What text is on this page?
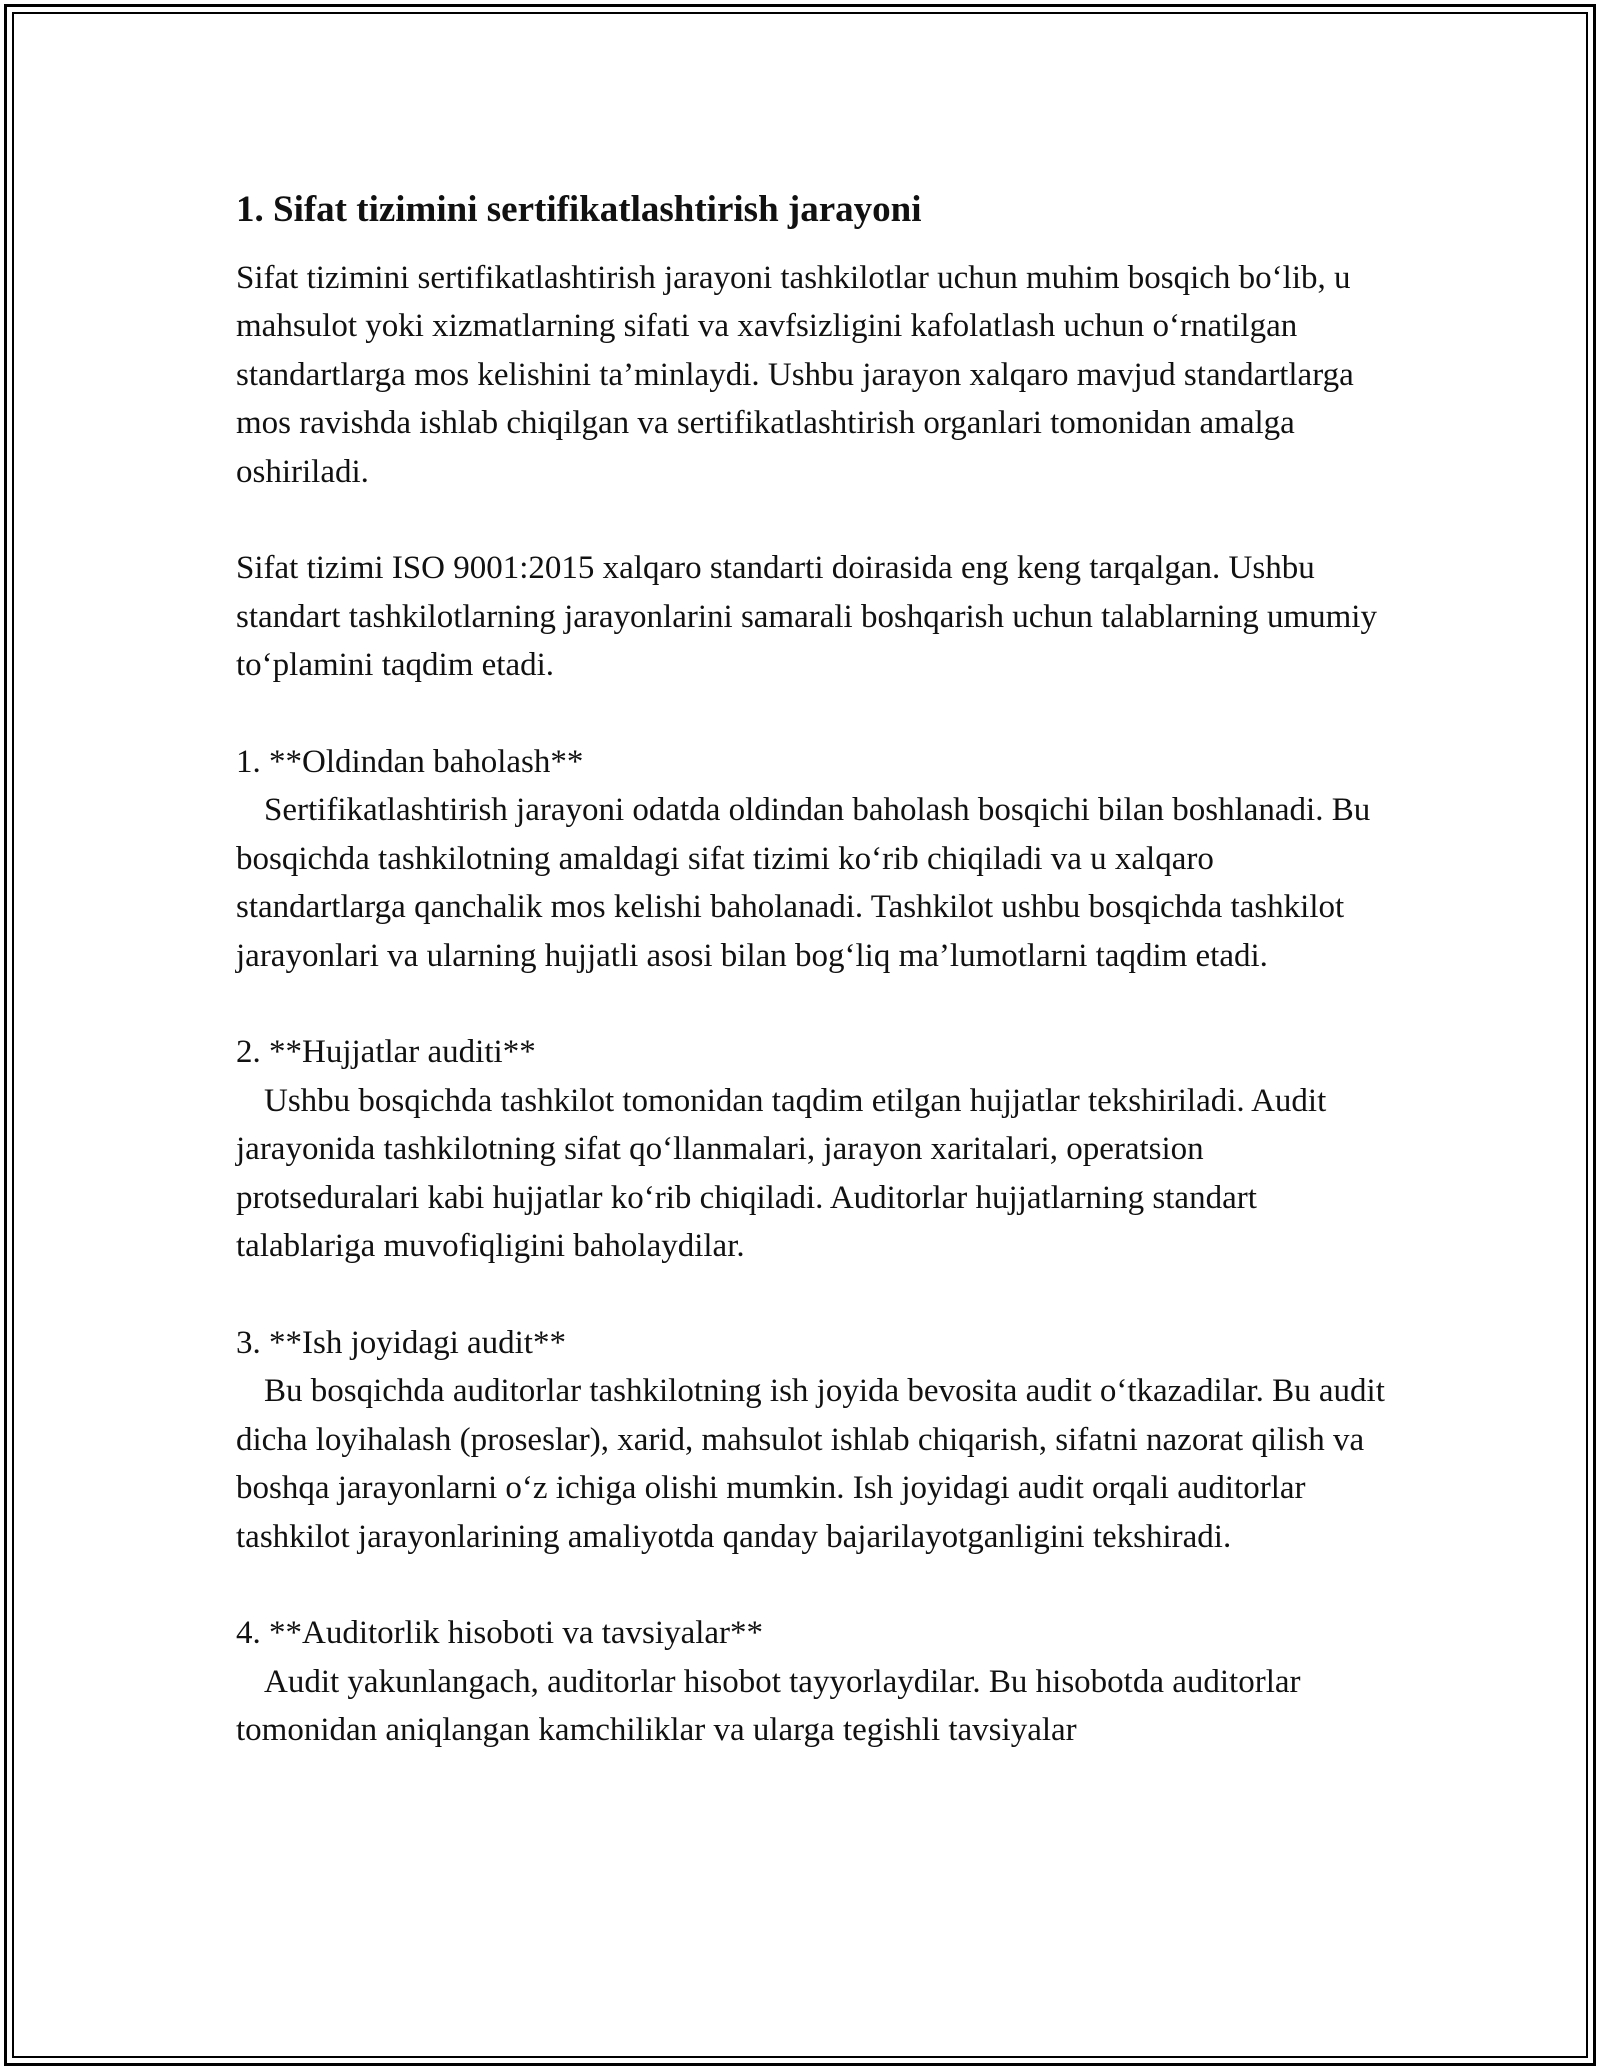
1. Sifat tizimini sertifikatlashtirish jarayoni
Sifat tizimini sertifikatlashtirish jarayoni tashkilotlar uchun muhim bosqich bo‘lib, u mahsulot yoki xizmatlarning sifati va xavfsizligini kafolatlash uchun o‘rnatilgan standartlarga mos kelishini ta’minlaydi. Ushbu jarayon xalqaro mavjud standartlarga mos ravishda ishlab chiqilgan va sertifikatlashtirish organlari tomonidan amalga oshiriladi.
Sifat tizimi ISO 9001:2015 xalqaro standarti doirasida eng keng tarqalgan. Ushbu standart tashkilotlarning jarayonlarini samarali boshqarish uchun talablarning umumiy to‘plamini taqdim etadi.
1. **Oldindan baholash**
Sertifikatlashtirish jarayoni odatda oldindan baholash bosqichi bilan boshlanadi. Bu bosqichda tashkilotning amaldagi sifat tizimi ko‘rib chiqiladi va u xalqaro standartlarga qanchalik mos kelishi baholanadi. Tashkilot ushbu bosqichda tashkilot jarayonlari va ularning hujjatli asosi bilan bog‘liq ma’lumotlarni taqdim etadi.
2. **Hujjatlar auditi**
Ushbu bosqichda tashkilot tomonidan taqdim etilgan hujjatlar tekshiriladi. Audit jarayonida tashkilotning sifat qo‘llanmalari, jarayon xaritalari, operatsion protseduralari kabi hujjatlar ko‘rib chiqiladi. Auditorlar hujjatlarning standart talablariga muvofiqligini baholaydilar.
3. **Ish joyidagi audit**
Bu bosqichda auditorlar tashkilotning ish joyida bevosita audit o‘tkazadilar. Bu audit dicha loyihalash (proseslar), xarid, mahsulot ishlab chiqarish, sifatni nazorat qilish va boshqa jarayonlarni o‘z ichiga olishi mumkin. Ish joyidagi audit orqali auditorlar tashkilot jarayonlarining amaliyotda qanday bajarilayotganligini tekshiradi.
4. **Auditorlik hisoboti va tavsiyalar**
Audit yakunlangach, auditorlar hisobot tayyorlaydilar. Bu hisobotda auditorlar tomonidan aniqlangan kamchiliklar va ularga tegishli tavsiyalar
